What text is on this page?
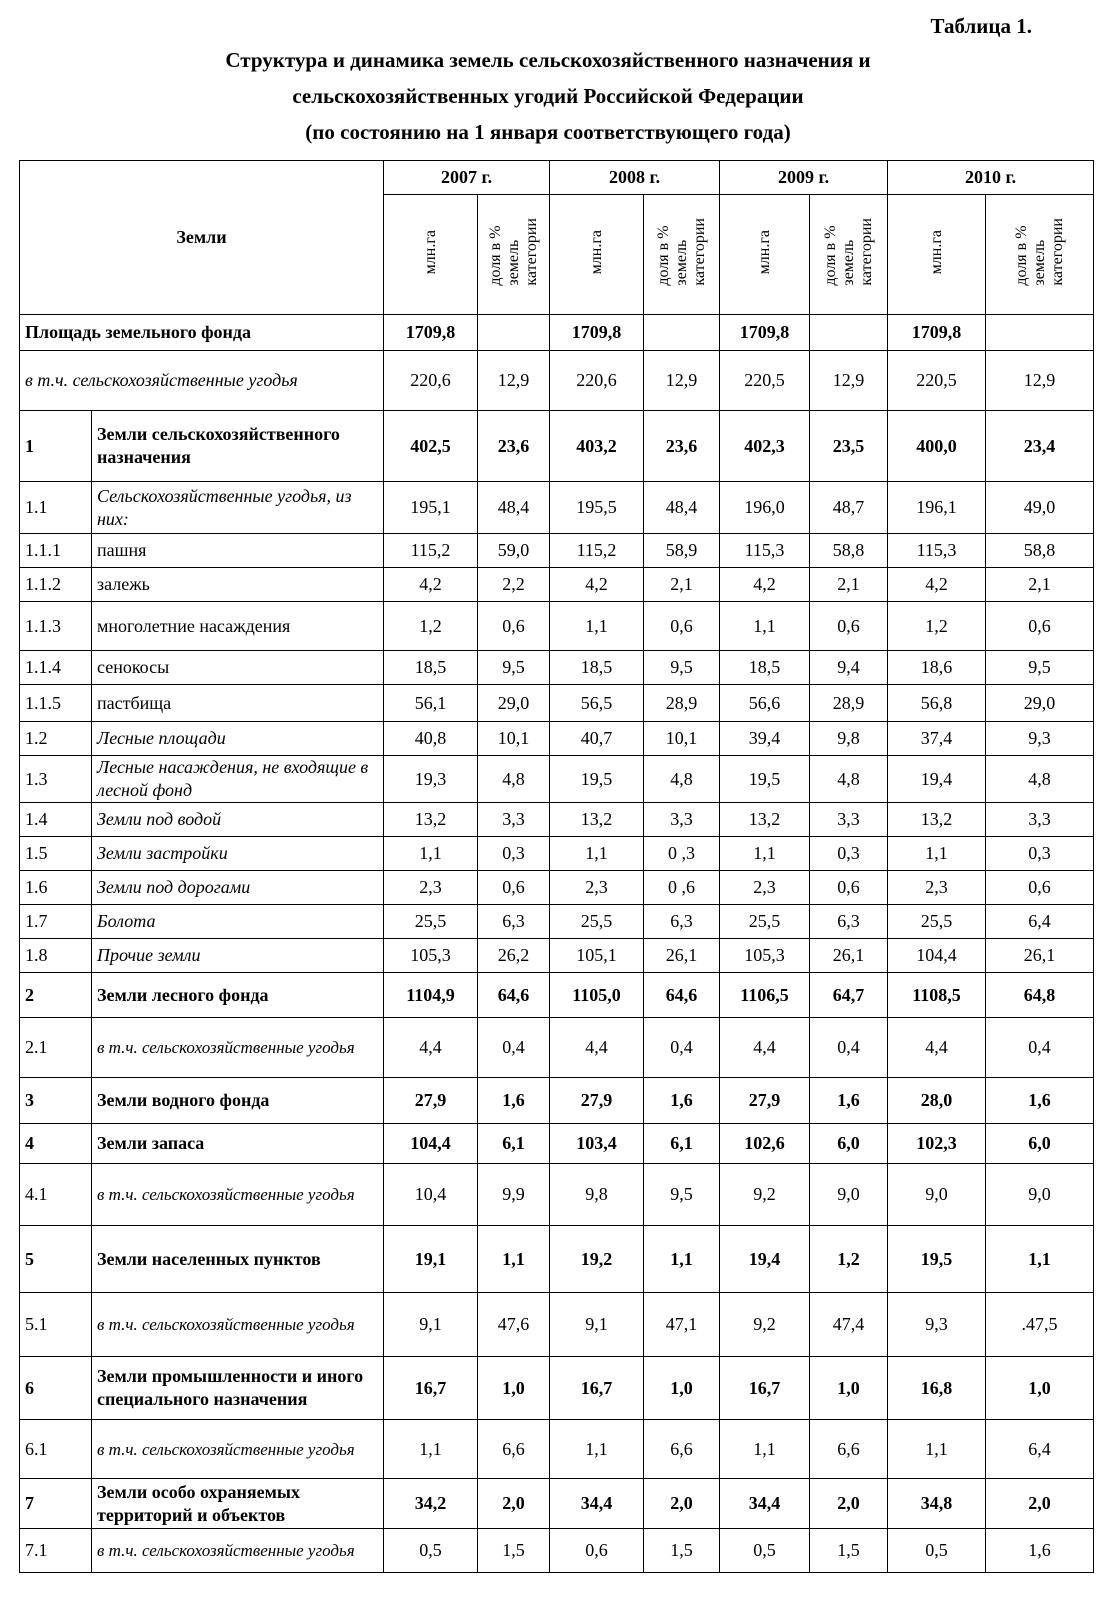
Таблица 1.
Структура и динамика земель сельскохозяйственного назначения и
сельскохозяйственных угодий Российской Федерации
(по состоянию на 1 января соответствующего года)
Земли		2007 г.		2008 г.		2009 г.		2010 г.	
		млн.га	доля в %
земель
категории	млн.га	доля в %
земель
категории	млн.га	доля в %
земель
категории	млн.га	доля в %
земель
категории
Площадь земельного фонда		1709,8		1709,8		1709,8		1709,8	
в т.ч. сельскохозяйственные угодья		220,6	12,9	220,6	12,9	220,5	12,9	220,5	12,9
1	Земли сельскохозяйственного назначения	402,5	23,6	403,2	23,6	402,3	23,5	400,0	23,4
1.1	Сельскохозяйственные угодья, из них:	195,1	48,4	195,5	48,4	196,0	48,7	196,1	49,0
1.1.1	пашня	115,2	59,0	115,2	58,9	115,3	58,8	115,3	58,8
1.1.2	залежь	4,2	2,2	4,2	2,1	4,2	2,1	4,2	2,1
1.1.3	многолетние насаждения	1,2	0,6	1,1	0,6	1,1	0,6	1,2	0,6
1.1.4	сенокосы	18,5	9,5	18,5	9,5	18,5	9,4	18,6	9,5
1.1.5	пастбища	56,1	29,0	56,5	28,9	56,6	28,9	56,8	29,0
1.2	Лесные площади	40,8	10,1	40,7	10,1	39,4	9,8	37,4	9,3
1.3	Лесные насаждения, не входящие в лесной фонд	19,3	4,8	19,5	4,8	19,5	4,8	19,4	4,8
1.4	Земли под водой	13,2	3,3	13,2	3,3	13,2	3,3	13,2	3,3
1.5	Земли застройки	1,1	0,3	1,1	0 ,3	1,1	0,3	1,1	0,3
1.6	Земли под дорогами	2,3	0,6	2,3	0 ,6	2,3	0,6	2,3	0,6
1.7	Болота	25,5	6,3	25,5	6,3	25,5	6,3	25,5	6,4
1.8	Прочие земли	105,3	26,2	105,1	26,1	105,3	26,1	104,4	26,1
2	Земли лесного фонда	1104,9	64,6	1105,0	64,6	1106,5	64,7	1108,5	64,8
2.1	в т.ч. сельскохозяйственные угодья	4,4	0,4	4,4	0,4	4,4	0,4	4,4	0,4
3	Земли водного фонда	27,9	1,6	27,9	1,6	27,9	1,6	28,0	1,6
4	Земли запаса	104,4	6,1	103,4	6,1	102,6	6,0	102,3	6,0
4.1	в т.ч. сельскохозяйственные угодья	10,4	9,9	9,8	9,5	9,2	9,0	9,0	9,0
5	Земли населенных пунктов	19,1	1,1	19,2	1,1	19,4	1,2	19,5	1,1
5.1	в т.ч. сельскохозяйственные угодья	9,1	47,6	9,1	47,1	9,2	47,4	9,3	.47,5
6	Земли промышленности и иного специального назначения	16,7	1,0	16,7	1,0	16,7	1,0	16,8	1,0
6.1	в т.ч. сельскохозяйственные угодья	1,1	6,6	1,1	6,6	1,1	6,6	1,1	6,4
7	Земли особо охраняемых территорий и объектов	34,2	2,0	34,4	2,0	34,4	2,0	34,8	2,0
7.1	в т.ч. сельскохозяйственные угодья	0,5	1,5	0,6	1,5	0,5	1,5	0,5	1,6
